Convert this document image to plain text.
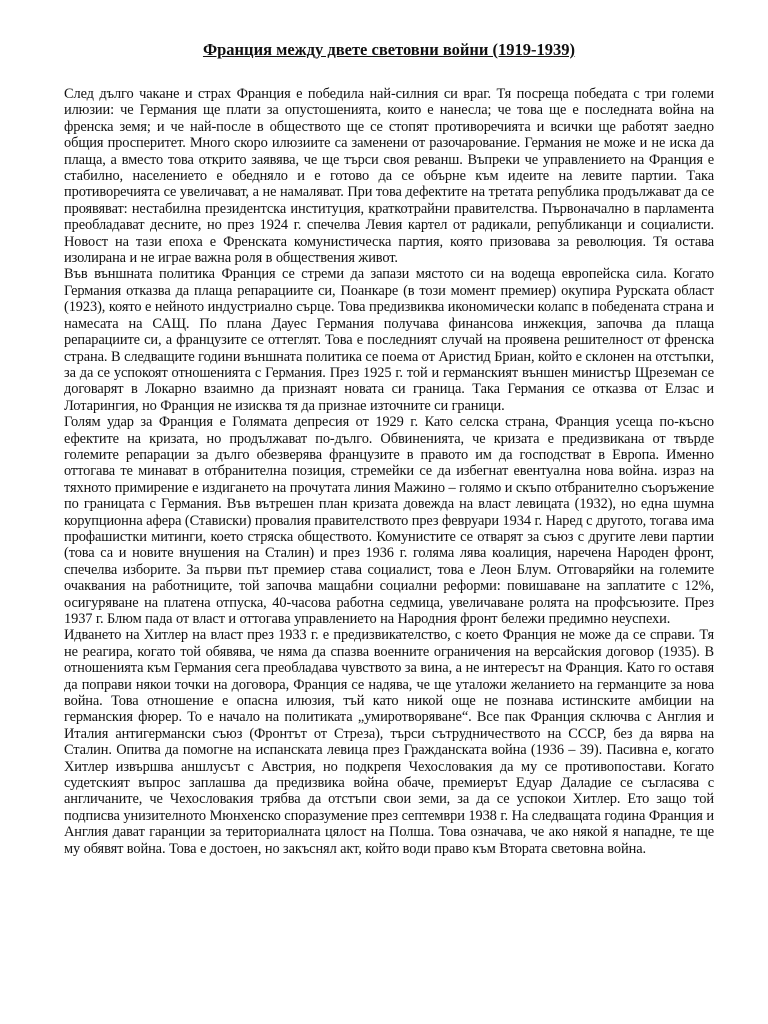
Франция между двете световни войни (1919-1939)

След дълго чакане и страх Франция е победила най-силния си враг. Тя посреща победата с три големи илюзии: че Германия ще плати за опустошенията, които е нанесла; че това ще е последната война на френска земя; и че най-после в обществото ще се стопят противоречията и всички ще работят заедно общия просперитет. Много скоро илюзиите са заменени от разочарование. Германия не може и не иска да плаща, а вместо това открито заявява, че ще търси своя реванш. Въпреки че управлението на Франция е стабилно, населението е обедняло и е готово да се обърне към идеите на левите партии. Така противоречията се увеличават, а не намаляват. При това дефектите на третата република продължават да се проявяват: нестабилна президентска институция, краткотрайни правителства. Първоначално в парламента преобладават десните, но през 1924 г. спечелва Левия картел от радикали, републиканци и социалисти. Новост на тази епоха е Френската комунистическа партия, която призовава за революция. Тя остава изолирана и не играе важна роля в обществения живот.

Във външната политика Франция се стреми да запази мястото си на водеща европейска сила. Когато Германия отказва да плаща репарациите си, Поанкаре (в този момент премиер) окупира Рурската област (1923), която е нейното индустриално сърце. Това предизвиква икономически колапс в победената страна и намесата на САЩ. По плана Дауес Германия получава финансова инжекция, започва да плаща репарациите си, а французите се оттеглят. Това е последният случай на проявена решителност от френска страна. В следващите години външната политика се поема от Аристид Бриан, който е склонен на отстъпки, за да се успокоят отношенията с Германия. През 1925 г. той и германският външен министър Щреземан се договарят в Локарно взаимно да признаят новата си граница. Така Германия се отказва от Елзас и Лотарингия, но Франция не изисква тя да признае източните си граници.

Голям удар за Франция е Голямата депресия от 1929 г. Като селска страна, Франция усеща по-късно ефектите на кризата, но продължават по-дълго. Обвиненията, че кризата е предизвикана от твърде големите репарации за дълго обезверява французите в правото им да господстват в Европа. Именно оттогава те минават в отбранителна позиция, стремейки се да избегнат евентуална нова война. израз на тяхното примирение е издигането на прочутата линия Мажино – голямо и скъпо отбранително съоръжение по границата с Германия. Във вътрешен план кризата довежда на власт левицата (1932), но една шумна корупционна афера (Стависки) провалия правителството през февруари 1934 г. Наред с другото, тогава има профашистки митинги, което стряска обществото. Комунистите се отварят за съюз с другите леви партии (това са и новите внушения на Сталин) и през 1936 г. голяма лява коалиция, наречена Народен фронт, спечелва изборите. За първи път премиер става социалист, това е Леон Блум. Отговаряйки на големите очаквания на работниците, той започва мащабни социални реформи: повишаване на заплатите с 12%, осигуряване на платена отпуска, 40-часова работна седмица, увеличаване ролята на профсъюзите. През 1937 г. Блюм пада от власт и оттогава управлението на Народния фронт бележи предимно неуспехи.

Идването на Хитлер на власт през 1933 г. е предизвикателство, с което Франция не може да се справи. Тя не реагира, когато той обявява, че няма да спазва военните ограничения на версайския договор (1935). В отношенията към Германия сега преобладава чувството за вина, а не интересът на Франция. Като го оставя да поправи някои точки на договора, Франция се надява, че ще уталожи желанието на германците за нова война. Това отношение е опасна илюзия, тъй като никой още не познава истинските амбиции на германския фюрер. То е начало на политиката „умиротворяване“. Все пак Франция сключва с Англия и Италия антигермански съюз (Фронтът от Стреза), търси сътрудничеството на СССР, без да вярва на Сталин. Опитва да помогне на испанската левица през Гражданската война (1936 – 39). Пасивна е, когато Хитлер извършва аншлусът с Австрия, но подкрепя Чехословакия да му се противопостави. Когато судетският въпрос заплашва да предизвика война обаче, премиерът Едуар Даладие се съгласява с англичаните, че Чехословакия трябва да отстъпи свои земи, за да се успокои Хитлер. Ето защо той подписва унизителното Мюнхенско споразумение през септември 1938 г. На следващата година Франция и Англия дават гаранции за териториалната цялост на Полша. Това означава, че ако някой я нападне, те ще му обявят война. Това е достоен, но закъснял акт, който води право към Втората световна война.
